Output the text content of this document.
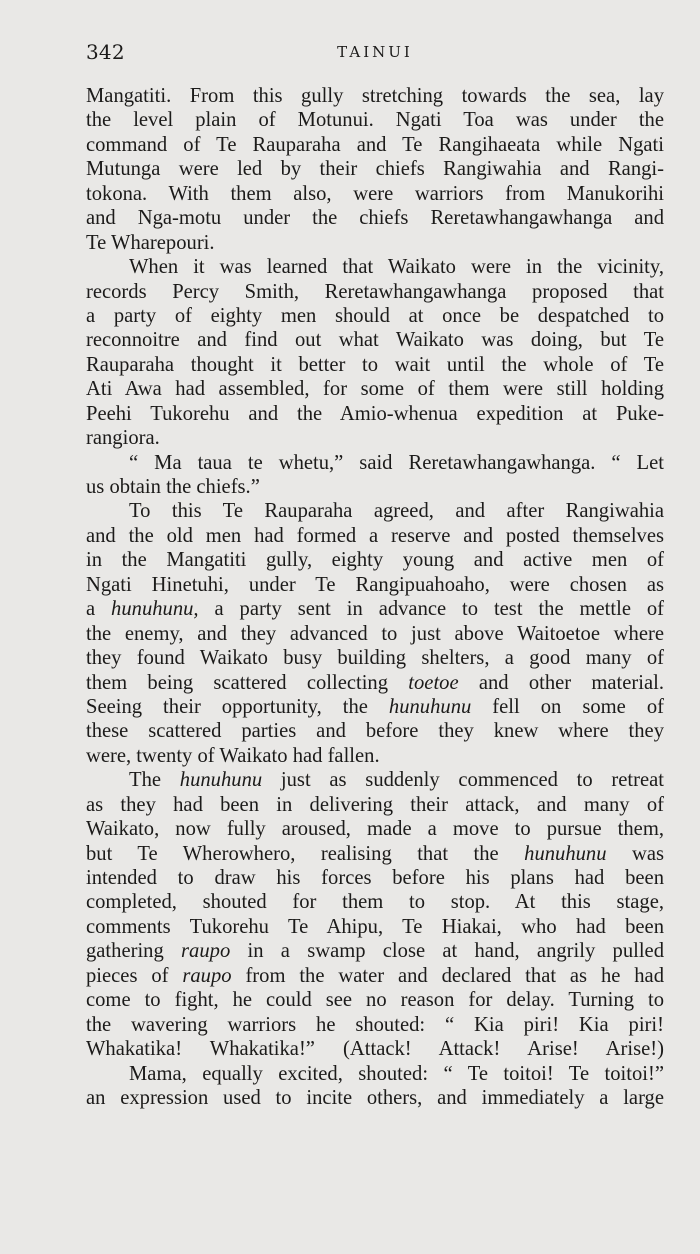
342	TAINUI
Mangatiti. From this gully stretching towards the sea, lay
the level plain of Motunui. Ngati Toa was under the
command of Te Rauparaha and Te Rangihaeata while Ngati
Mutunga were led by their chiefs Rangiwahia and Rangi-
tokona. With them also, were warriors from Manukorihi
and Nga-motu under the chiefs Reretawhangawhanga and
Te Wharepouri.
When it was learned that Waikato were in the vicinity,
records Percy Smith, Reretawhangawhanga proposed that
a party of eighty men should at once be despatched to
reconnoitre and find out what Waikato was doing, but Te
Rauparaha thought it better to wait until the whole of Te
Ati Awa had assembled, for some of them were still holding
Peehi Tukorehu and the Amio-whenua expedition at Puke-
rangiora.
“ Ma taua te whetu,” said Reretawhangawhanga. “ Let
us obtain the chiefs.”
To this Te Rauparaha agreed, and after Rangiwahia
and the old men had formed a reserve and posted themselves
in the Mangatiti gully, eighty young and active men of
Ngati Hinetuhi, under Te Rangipuahoaho, were chosen as
a hunuhunu, a party sent in advance to test the mettle of
the enemy, and they advanced to just above Waitoetoe where
they found Waikato busy building shelters, a good many of
them being scattered collecting toetoe and other material.
Seeing their opportunity, the hunuhunu fell on some of
these scattered parties and before they knew where they
were, twenty of Waikato had fallen.
The hunuhunu just as suddenly commenced to retreat
as they had been in delivering their attack, and many of
Waikato, now fully aroused, made a move to pursue them,
but Te Wherowhero, realising that the hunuhunu was
intended to draw his forces before his plans had been
completed, shouted for them to stop. At this stage,
comments Tukorehu Te Ahipu, Te Hiakai, who had been
gathering raupo in a swamp close at hand, angrily pulled
pieces of raupo from the water and declared that as he had
come to fight, he could see no reason for delay. Turning to
the wavering warriors he shouted: “ Kia piri! Kia piri!
Whakatika! Whakatika!” (Attack! Attack! Arise! Arise!)
Mama, equally excited, shouted: “ Te toitoi! Te toitoi!”
an expression used to incite others, and immediately a large
